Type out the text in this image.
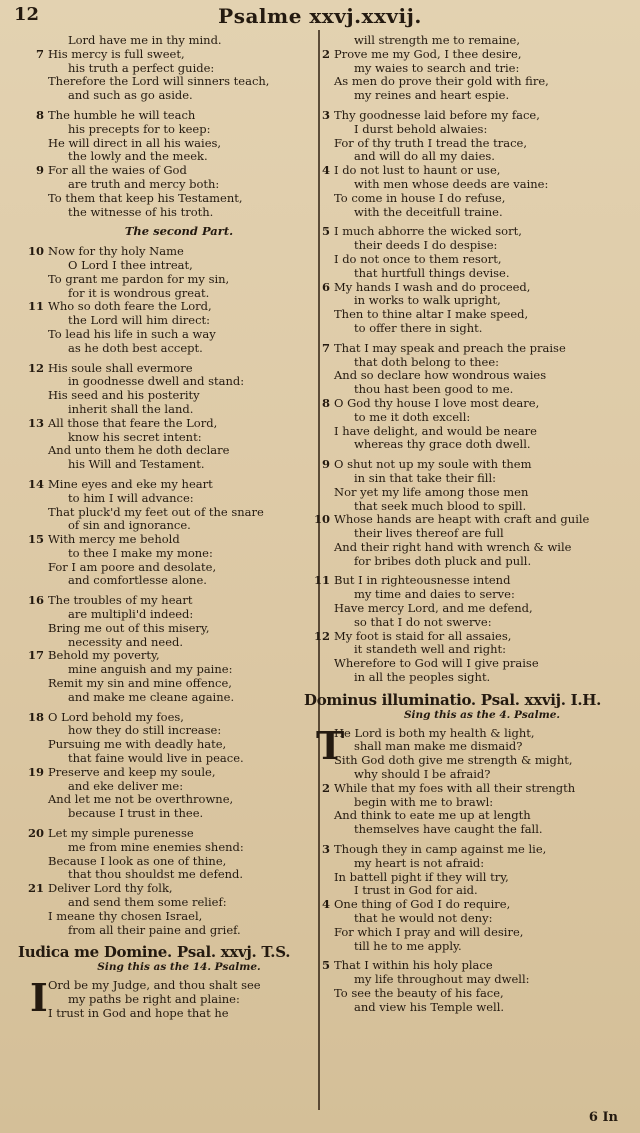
12	Psalme xxvj.xxvij.
Lord have me in thy mind.
7 His mercy is full sweet,
his truth a perfect guide:
Therefore the Lord will sinners teach,
and such as go aside.
8 The humble he will teach
his precepts for to keep:
He will direct in all his waies,
the lowly and the meek.
9 For all the waies of God
are truth and mercy both:
To them that keep his Testament,
the witnesse of his troth.
The second Part.
10 Now for thy holy Name
O Lord I thee intreat,
To grant me pardon for my sin,
for it is wondrous great.
11 Who so doth feare the Lord,
the Lord will him direct:
To lead his life in such a way
as he doth best accept.
12 His soule shall evermore
in goodnesse dwell and stand:
His seed and his posterity
inherit shall the land.
13 All those that feare the Lord,
know his secret intent:
And unto them he doth declare
his Will and Testament.
14 Mine eyes and eke my heart
to him I will advance:
That pluck'd my feet out of the snare
of sin and ignorance.
15 With mercy me behold
to thee I make my mone:
For I am poore and desolate,
and comfortlesse alone.
16 The troubles of my heart
are multipli'd indeed:
Bring me out of this misery,
necessity and need.
17 Behold my poverty,
mine anguish and my paine:
Remit my sin and mine offence,
and make me cleane againe.
18 O Lord behold my foes,
how they do still increase:
Pursuing me with deadly hate,
that faine would live in peace.
19 Preserve and keep my soule,
and eke deliver me:
And let me not be overthrowne,
because I trust in thee.
20 Let my simple purenesse
me from mine enemies shend:
Because I look as one of thine,
that thou shouldst me defend.
21 Deliver Lord thy folk,
and send them some relief:
I meane thy chosen Israel,
from all their paine and grief.
Iudica me Domine. Psal. xxvj. T.S.
Sing this as the 14. Psalme.
I Ord be my Judge, and thou shalt see
my paths be right and plaine:
I trust in God and hope that he
will strength me to remaine,
2 Prove me my God, I thee desire,
my waies to search and trie:
As men do prove their gold with fire,
my reines and heart espie.
3 Thy goodnesse laid before my face,
I durst behold alwaies:
For of thy truth I tread the trace,
and will do all my daies.
4 I do not lust to haunt or use,
with men whose deeds are vaine:
To come in house I do refuse,
with the deceitfull traine.
5 I much abhorre the wicked sort,
their deeds I do despise:
I do not once to them resort,
that hurtfull things devise.
6 My hands I wash and do proceed,
in works to walk upright,
Then to thine altar I make speed,
to offer there in sight.
7 That I may speak and preach the praise
that doth belong to thee:
And so declare how wondrous waies
thou hast been good to me.
8 O God thy house I love most deare,
to me it doth excell:
I have delight, and would be neare
whereas thy grace doth dwell.
9 O shut not up my soule with them
in sin that take their fill:
Nor yet my life among those men
that seek much blood to spill.
10 Whose hands are heapt with craft and guile
their lives thereof are full
And their right hand with wrench & wile
for bribes doth pluck and pull.
11 But I in righteousnesse intend
my time and daies to serve:
Have mercy Lord, and me defend,
so that I do not swerve:
12 My foot is staid for all assaies,
it standeth well and right:
Wherefore to God will I give praise
in all the peoples sight.
Dominus illuminatio. Psal. xxvij. I.H.
Sing this as the 4. Psalme.
T
He Lord is both my health & light,
shall man make me dismaid?
Sith God doth give me strength & might,
why should I be afraid?
2 While that my foes with all their strength
begin with me to brawl:
And think to eate me up at length
themselves have caught the fall.
3 Though they in camp against me lie,
my heart is not afraid:
In battell pight if they will try,
I trust in God for aid.
4 One thing of God I do require,
that he would not deny:
For which I pray and will desire,
till he to me apply.
5 That I within his holy place
my life throughout may dwell:
To see the beauty of his face,
and view his Temple well.
6 In
